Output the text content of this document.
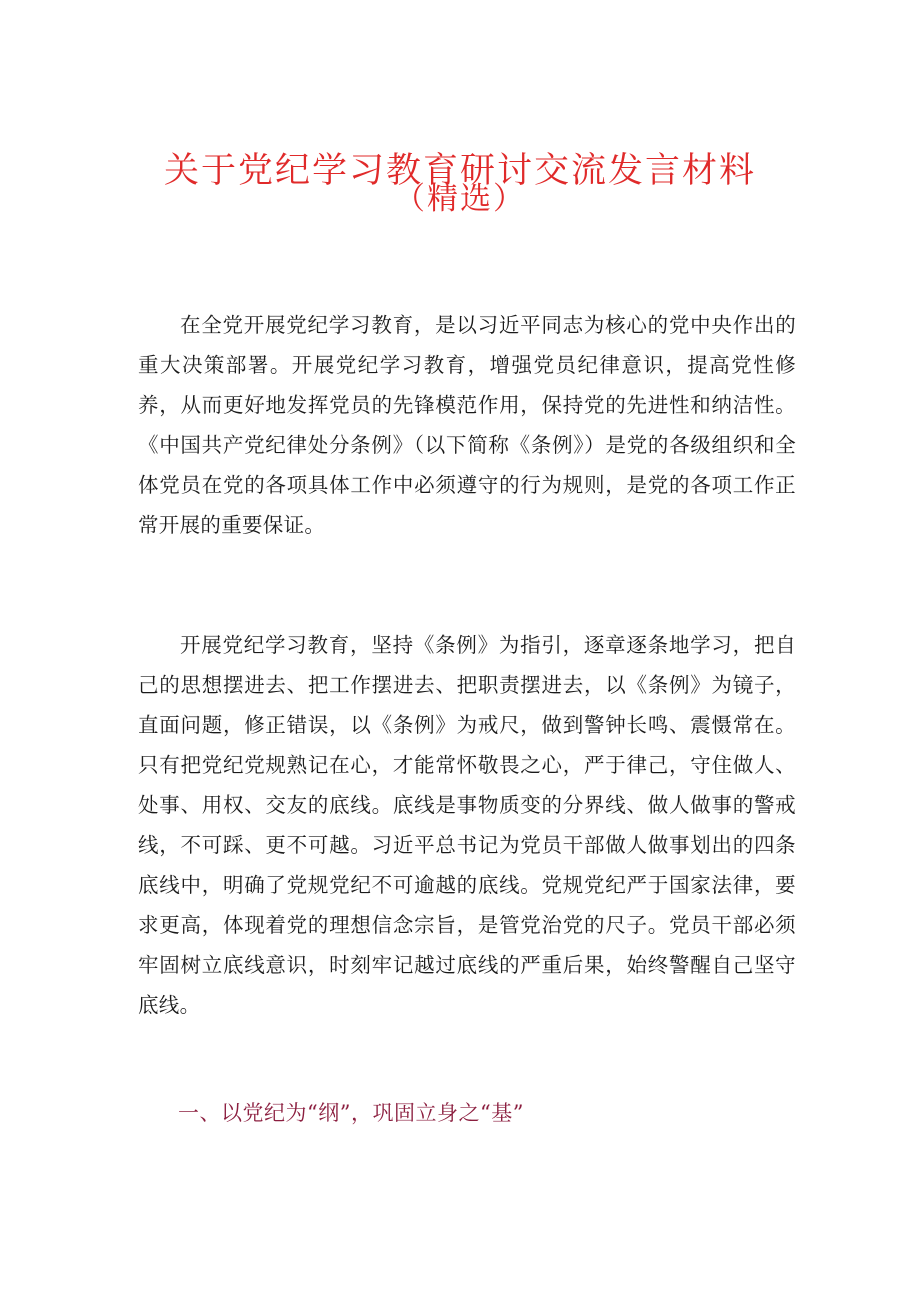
关于党纪学习教育研讨交流发言材料
（精选）

在全党开展党纪学习教育，是以习近平同志为核心的党中央作出的重大决策部署。开展党纪学习教育，增强党员纪律意识，提高党性修养，从而更好地发挥党员的先锋模范作用，保持党的先进性和纳洁性。《中国共产党纪律处分条例》（以下简称《条例》）是党的各级组织和全体党员在党的各项具体工作中必须遵守的行为规则，是党的各项工作正常开展的重要保证。

开展党纪学习教育，坚持《条例》为指引，逐章逐条地学习，把自己的思想摆进去、把工作摆进去、把职责摆进去，以《条例》为镜子，直面问题，修正错误，以《条例》为戒尺，做到警钟长鸣、震慑常在。只有把党纪党规熟记在心，才能常怀敬畏之心，严于律己，守住做人、处事、用权、交友的底线。底线是事物质变的分界线、做人做事的警戒线，不可踩、更不可越。习近平总书记为党员干部做人做事划出的四条底线中，明确了党规党纪不可逾越的底线。党规党纪严于国家法律，要求更高，体现着党的理想信念宗旨，是管党治党的尺子。党员干部必须牢固树立底线意识，时刻牢记越过底线的严重后果，始终警醒自己坚守底线。

一、以党纪为“纲”，巩固立身之“基”
